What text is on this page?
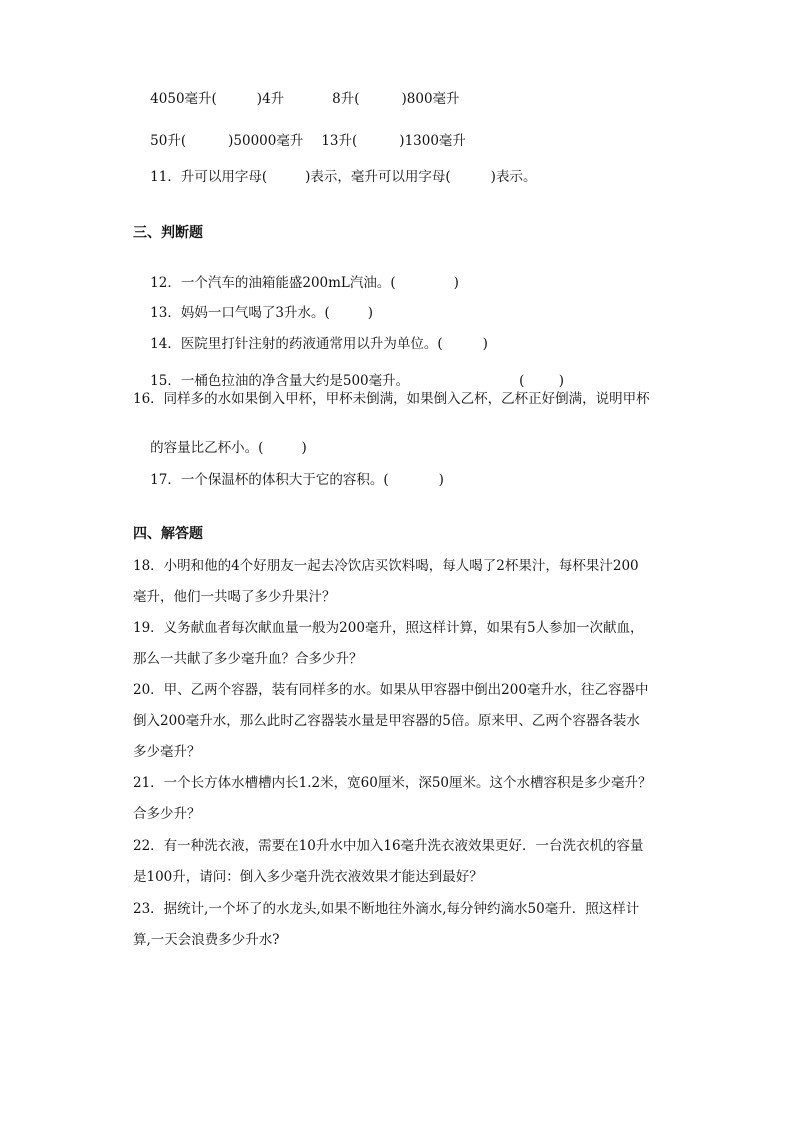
4050毫升(	)4升	8升(	)800毫升

50升(	)50000毫升 13升(	)1300毫升

11．升可以用字母(	)表示，毫升可以用字母(	)表示。

三、判断题

12．一个汽车的油箱能盛200mL汽油。(	)

13．妈妈一口气喝了3升水。(	)

14．医院里打针注射的药液通常用以升为单位。(	)

15．一桶色拉油的净含量大约是500毫升。	(        )

16．同样多的水如果倒入甲杯，甲杯未倒满，如果倒入乙杯，乙杯正好倒满，说明甲杯

的容量比乙杯小。(	)

17．一个保温杯的体积大于它的容积。(	)

四、解答题
18．小明和他的4个好朋友一起去冷饮店买饮料喝，每人喝了2杯果汁，每杯果汁200
毫升，他们一共喝了多少升果汁？
19．义务献血者每次献血量一般为200毫升，照这样计算，如果有5人参加一次献血，
那么一共献了多少毫升血？合多少升？
20．甲、乙两个容器，装有同样多的水。如果从甲容器中倒出200毫升水，往乙容器中
倒入200毫升水，那么此时乙容器装水量是甲容器的5倍。原来甲、乙两个容器各装水
多少毫升？
21．一个长方体水槽槽内长1.2米，宽60厘米，深50厘米。这个水槽容积是多少毫升？
合多少升？
22．有一种洗衣液，需要在10升水中加入16毫升洗衣液效果更好．一台洗衣机的容量
是100升，请问：倒入多少毫升洗衣液效果才能达到最好？
23．据统计,一个坏了的水龙头,如果不断地往外滴水,每分钟约滴水50毫升．照这样计
算,一天会浪费多少升水?
